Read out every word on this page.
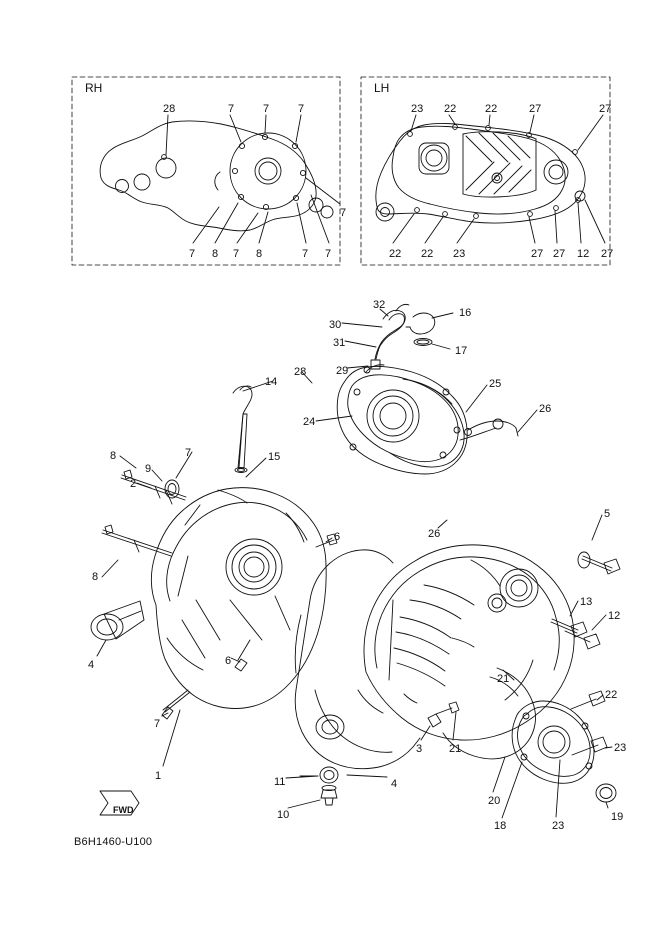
RH	LH
B6H1460-U100
FWD
28	7	7	7
7
7 8 7 8	7 7
23 22	22	27	27
22 22 23	27 27 12 27
32
16
30
31
17
29
28
14	25
26
24
8	7	15
9
2
26
5
6
8
13
12
4	6
21
22
7
3 21	23
1	11	4
20
19
10
18	23
